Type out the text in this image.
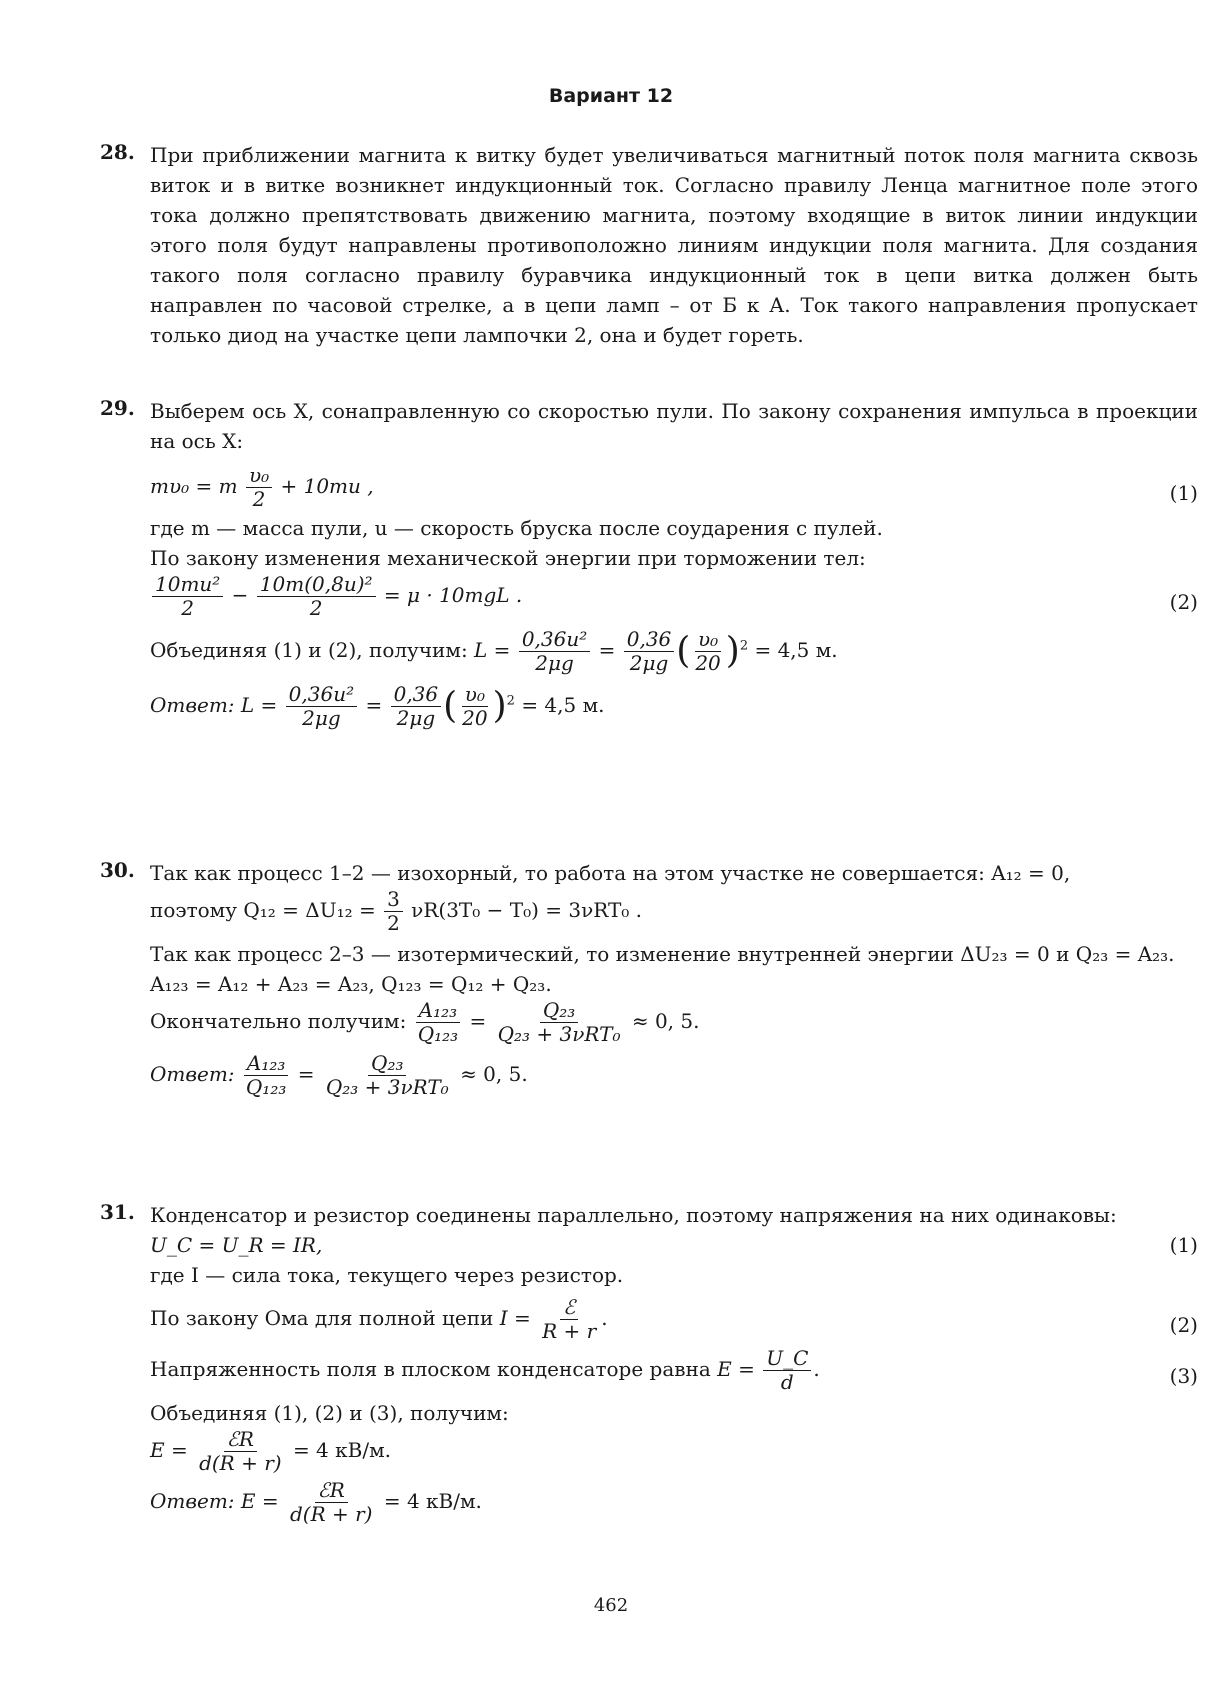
Вариант 12
28. При приближении магнита к витку будет увеличиваться магнитный поток поля магнита сквозь виток и в витке возникнет индукционный ток. Согласно правилу Ленца магнитное поле этого тока должно препятствовать движению магнита, поэтому входящие в виток линии индукции этого поля будут направлены противоположно линиям индукции поля магнита. Для создания такого поля согласно правилу буравчика индукционный ток в цепи витка должен быть направлен по часовой стрелке, а в цепи ламп – от Б к А. Ток такого направления пропускает только диод на участке цепи лампочки 2, она и будет гореть.
29. Выберем ось X, сонаправленную со скоростью пули. По закону сохранения импульса в проекции на ось X:
mυ₀ = m $\frac{\text{υ₀}}{2} + 10mu$ ,	(1)
где m — масса пули, u — скорость бруска после соударения с пулей.
По закону изменения механической энергии при торможении тел:
$\frac{\text{10mu²}}{2} - \frac{\text{10m(0,8u)²}}{2} = \mu \cdot 10mgL$ .	(2)
Объединяя (1) и (2), получим: $L = \frac{\text{0,36u²}}{2\mu g} = \frac{0,36}{2\mu g}$ ( $\frac{\text{υ₀}}{20} )^2 = 4,5$ м.
Ответ: $L = \frac{\text{0,36u²}}{2\mu g} = \frac{0,36}{2\mu g}$ ( $\frac{\text{υ₀}}{20} )^2 = 4,5$ м.
30. Так как процесс 1–2 — изохорный, то работа на этом участке не совершается: A₁₂ = 0,
поэтому $Q_{12} = \Delta U_{12} = \frac{3}{2} \nu R(3T_0 - T_0) = 3\nu RT_0$ .
Так как процесс 2–3 — изотермический, то изменение внутренней энергии ΔU₂₃ = 0 и Q₂₃ = A₂₃.
A₁₂₃ = A₁₂ + A₂₃ = A₂₃, Q₁₂₃ = Q₁₂ + Q₂₃.
Окончательно получим: $\frac{\text{A₁₂₃}}{\text{Q₁₂₃}} = \frac{\text{Q₂₃}}{\text{Q₂₃ + 3νRT₀}} \approx 0$, 5.
Ответ: $\frac{\text{A₁₂₃}}{\text{Q₁₂₃}} = \frac{\text{Q₂₃}}{\text{Q₂₃ + 3νRT₀}} \approx 0$, 5.
31. Конденсатор и резистор соединены параллельно, поэтому напряжения на них одинаковы:
U_C = U_R = IR,	(1)
где I — сила тока, текущего через резистор.
По закону Ома для полной цепи $I = \frac{\text{ℰ}}{R + r}$ .	(2)
Напряженность поля в плоском конденсаторе равна $E = \frac{U\_C}{d}$ .	(3)
Объединяя (1), (2) и (3), получим:
$E = \frac{\text{ℰR}}{d(R + r)} = 4$ кВ/м.
Ответ: $E = \frac{\text{ℰR}}{d(R + r)} = 4$ кВ/м.
462
